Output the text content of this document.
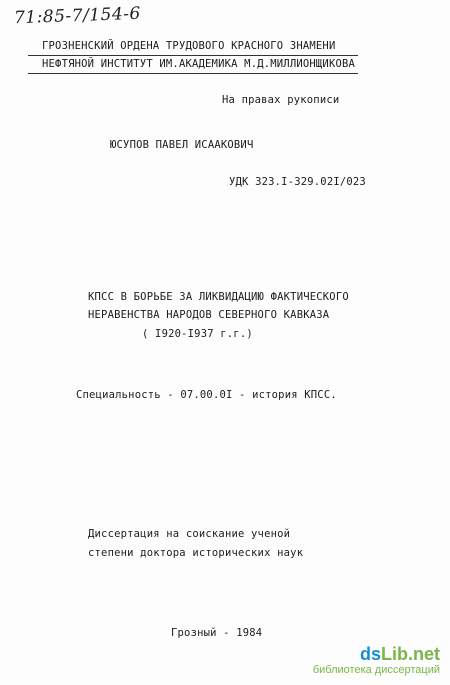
71:85-7/154-6
ГРОЗНЕНСКИЙ ОРДЕНА ТРУДОВОГО КРАСНОГО ЗНАМЕНИ
НЕФТЯНОЙ ИНСТИТУТ ИМ.АКАДЕМИКА М.Д.МИЛЛИОНЩИКОВА
На правах рукописи
ЮСУПОВ ПАВЕЛ ИСААКОВИЧ
УДК 323.I-329.02I/023
КПСС В БОРЬБЕ ЗА ЛИКВИДАЦИЮ ФАКТИЧЕСКОГО
НЕРАВЕНСТВА НАРОДОВ СЕВЕРНОГО КАВКАЗА
( I920-I937 г.г.)
Специальность - 07.00.0I - история КПСС.
Диссертация на соискание ученой
степени доктора исторических наук
Грозный - 1984
dsLib.net
библиотека диссертаций
